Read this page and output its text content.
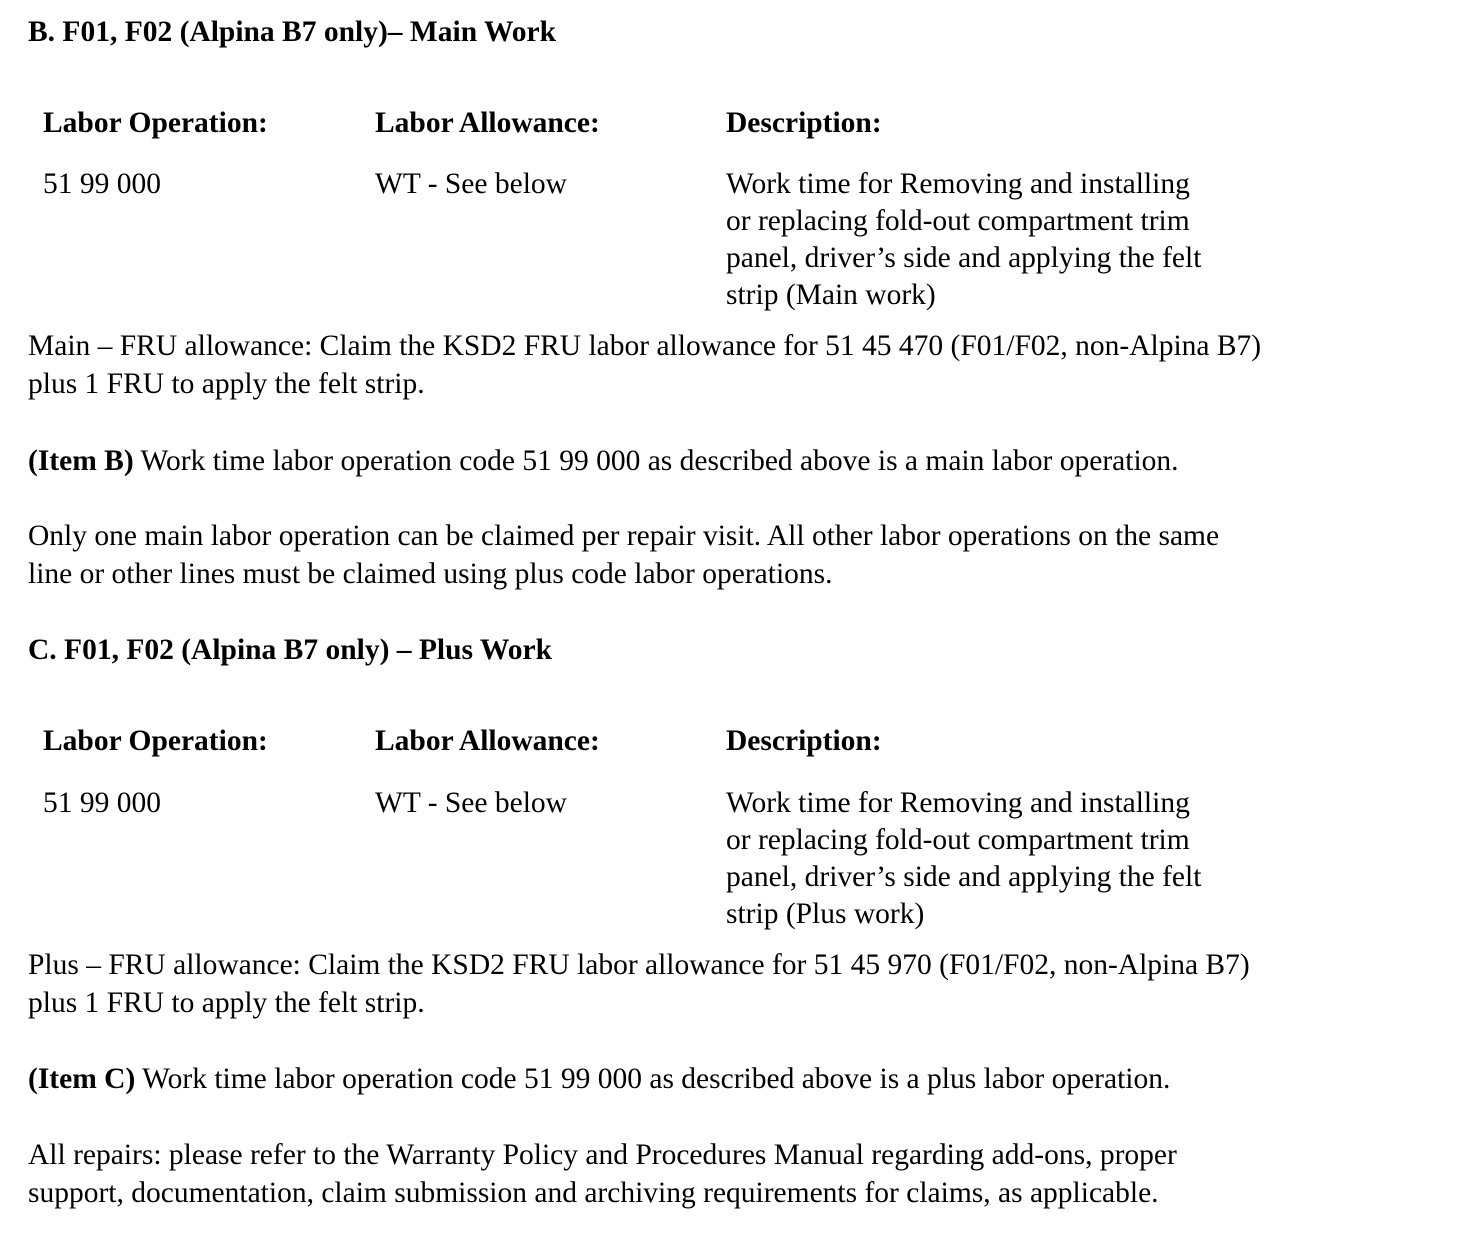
B. F01, F02 (Alpina B7 only)– Main Work
Labor Operation:	Labor Allowance:	Description:
51 99 000	WT - See below	Work time for Removing and installing
or replacing fold-out compartment trim
panel, driver’s side and applying the felt
strip (Main work)
Main – FRU allowance: Claim the KSD2 FRU labor allowance for 51 45 470 (F01/F02, non-Alpina B7)
plus 1 FRU to apply the felt strip.
(Item B) Work time labor operation code 51 99 000 as described above is a main labor operation.
Only one main labor operation can be claimed per repair visit. All other labor operations on the same
line or other lines must be claimed using plus code labor operations.
C. F01, F02 (Alpina B7 only) – Plus Work
Labor Operation:	Labor Allowance:	Description:
51 99 000	WT - See below	Work time for Removing and installing
or replacing fold-out compartment trim
panel, driver’s side and applying the felt
strip (Plus work)
Plus – FRU allowance: Claim the KSD2 FRU labor allowance for 51 45 970 (F01/F02, non-Alpina B7)
plus 1 FRU to apply the felt strip.
(Item C) Work time labor operation code 51 99 000 as described above is a plus labor operation.
All repairs: please refer to the Warranty Policy and Procedures Manual regarding add-ons, proper
support, documentation, claim submission and archiving requirements for claims, as applicable.
